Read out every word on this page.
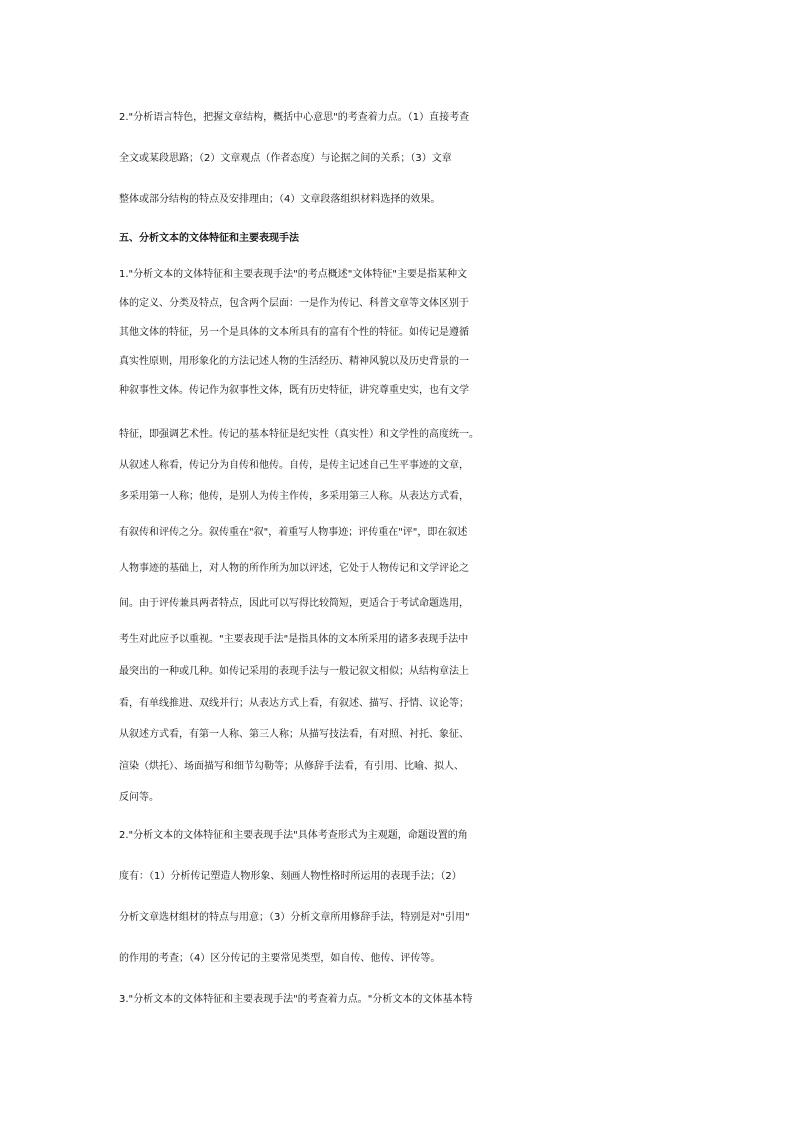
2."分析语言特色，把握文章结构，概括中心意思"的考查着力点。（1）直接考查
全文或某段思路；（2）文章观点（作者态度）与论据之间的关系；（3）文章
整体或部分结构的特点及安排理由；（4）文章段落组织材料选择的效果。
五、分析文本的文体特征和主要表现手法
1."分析文本的文体特征和主要表现手法"的考点概述"文体特征"主要是指某种文
体的定义、分类及特点，包含两个层面：一是作为传记、科普文章等文体区别于
其他文体的特征，另一个是具体的文本所具有的富有个性的特征。如传记是遵循
真实性原则，用形象化的方法记述人物的生活经历、精神风貌以及历史背景的一
种叙事性文体。传记作为叙事性文体，既有历史特征，讲究尊重史实，也有文学
特征，即强调艺术性。传记的基本特征是纪实性（真实性）和文学性的高度统一。
从叙述人称看，传记分为自传和他传。自传，是传主记述自己生平事迹的文章，
多采用第一人称；他传，是别人为传主作传，多采用第三人称。从表达方式看，
有叙传和评传之分。叙传重在"叙"，着重写人物事迹；评传重在"评"，即在叙述
人物事迹的基础上，对人物的所作所为加以评述，它处于人物传记和文学评论之
间。由于评传兼具两者特点，因此可以写得比较简短，更适合于考试命题选用，
考生对此应予以重视。"主要表现手法"是指具体的文本所采用的诸多表现手法中
最突出的一种或几种。如传记采用的表现手法与一般记叙文相似；从结构章法上
看，有单线推进、双线并行；从表达方式上看，有叙述、描写、抒情、议论等；
从叙述方式看，有第一人称、第三人称；从描写技法看，有对照、衬托、象征、
渲染（烘托）、场面描写和细节勾勒等；从修辞手法看，有引用、比喻、拟人、
反问等。
2."分析文本的文体特征和主要表现手法"具体考查形式为主观题，命题设置的角
度有：（1）分析传记塑造人物形象、刻画人物性格时所运用的表现手法；（2）
分析文章选材组材的特点与用意；（3）分析文章所用修辞手法，特别是对"引用"
的作用的考查；（4）区分传记的主要常见类型，如自传、他传、评传等。
3."分析文本的文体特征和主要表现手法"的考查着力点。"分析文本的文体基本特
